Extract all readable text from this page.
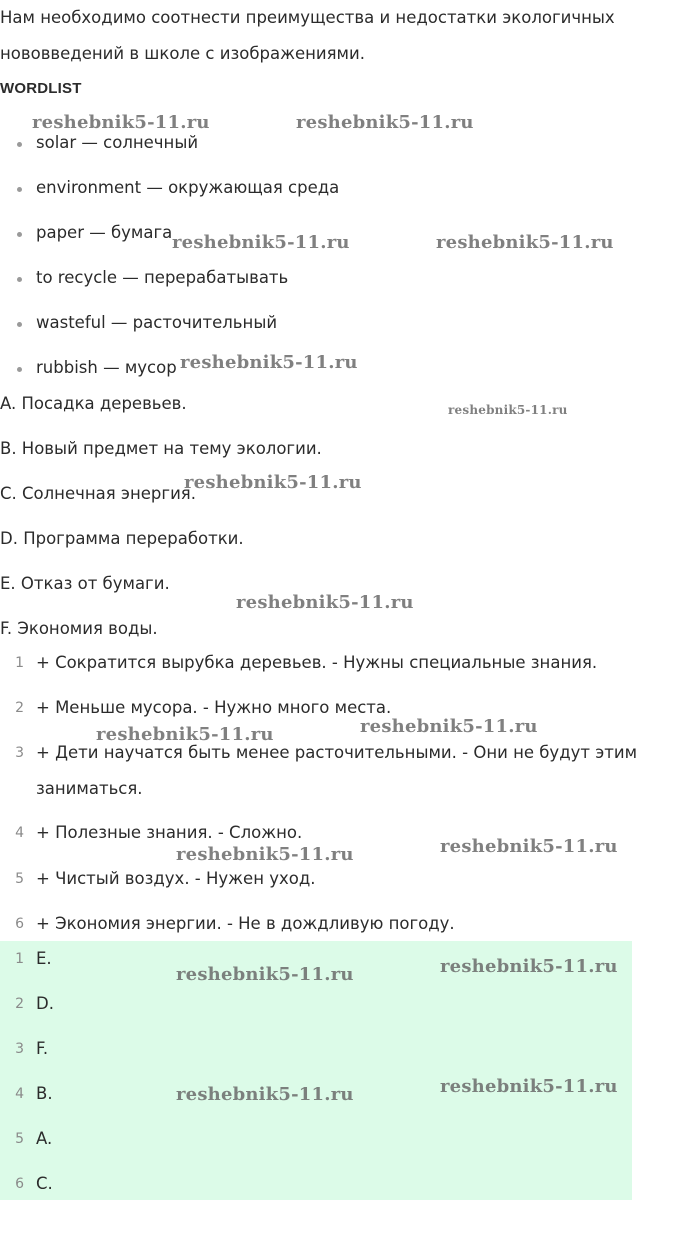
Нам необходимо соотнести преимущества и недостатки экологичных
нововведений в школе с изображениями.
WORDLIST
solar — солнечный
environment — окружающая среда
paper — бумага
to recycle — перерабатывать
wasteful — расточительный
rubbish — мусор
A. Посадка деревьев.
B. Новый предмет на тему экологии.
C. Солнечная энергия.
D. Программа переработки.
E. Отказ от бумаги.
F. Экономия воды.
1 + Сократится вырубка деревьев. - Нужны специальные знания.
2 + Меньше мусора. - Нужно много места.
3 + Дети научатся быть менее расточительными. - Они не будут этим
заниматься.
4 + Полезные знания. - Сложно.
5 + Чистый воздух. - Нужен уход.
6 + Экономия энергии. - Не в дождливую погоду.
1 E.
2 D.
3 F.
4 B.
5 A.
6 C.
reshebnik5-11.ru	reshebnik5-11.ru
reshebnik5-11.ru	reshebnik5-11.ru
reshebnik5-11.ru
reshebnik5-11.ru
reshebnik5-11.ru
reshebnik5-11.ru
reshebnik5-11.ru	reshebnik5-11.ru
reshebnik5-11.ru	reshebnik5-11.ru
reshebnik5-11.ru	reshebnik5-11.ru
reshebnik5-11.ru	reshebnik5-11.ru
